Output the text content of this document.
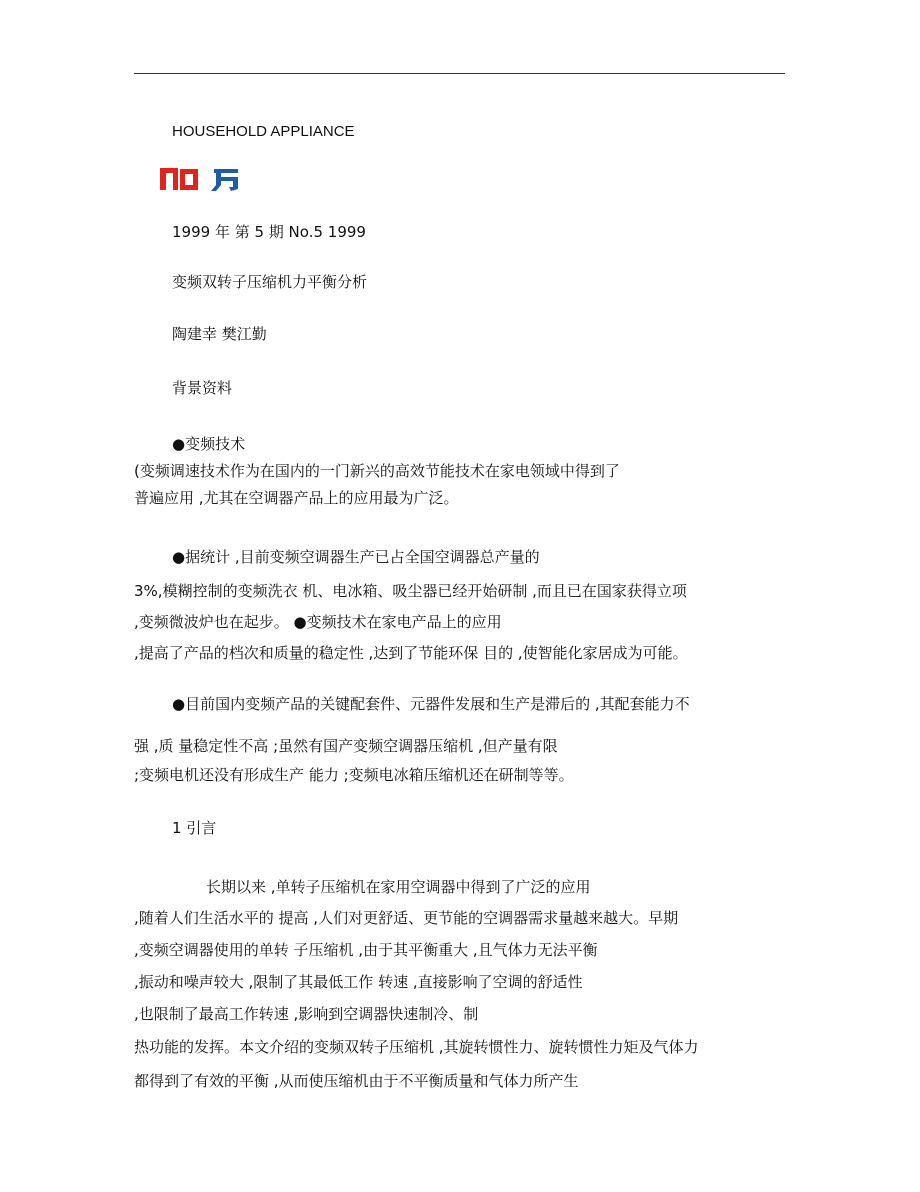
HOUSEHOLD APPLIANCE
1999 年 第 5 期 No.5 1999
变频双转子压缩机力平衡分析
陶建幸 樊江勤
背景资料
●变频技术
(变频调速技术作为在国内的一门新兴的高效节能技术在家电领域中得到了
普遍应用 ,尤其在空调器产品上的应用最为广泛。
●据统计 ,目前变频空调器生产已占全国空调器总产量的
3%,模糊控制的变频洗衣 机、电冰箱、吸尘器已经开始研制 ,而且已在国家获得立项
,变频微波炉也在起步。 ●变频技术在家电产品上的应用
,提高了产品的档次和质量的稳定性 ,达到了节能环保 目的 ,使智能化家居成为可能。
●目前国内变频产品的关键配套件、元器件发展和生产是滞后的 ,其配套能力不
强 ,质 量稳定性不高 ;虽然有国产变频空调器压缩机 ,但产量有限
;变频电机还没有形成生产 能力 ;变频电冰箱压缩机还在研制等等。
1 引言
长期以来 ,单转子压缩机在家用空调器中得到了广泛的应用
,随着人们生活水平的 提高 ,人们对更舒适、更节能的空调器需求量越来越大。早期
,变频空调器使用的单转 子压缩机 ,由于其平衡重大 ,且气体力无法平衡
,振动和噪声较大 ,限制了其最低工作 转速 ,直接影响了空调的舒适性
,也限制了最高工作转速 ,影响到空调器快速制冷、制
热功能的发挥。本文介绍的变频双转子压缩机 ,其旋转惯性力、旋转惯性力矩及气体力
都得到了有效的平衡 ,从而使压缩机由于不平衡质量和气体力所产生
